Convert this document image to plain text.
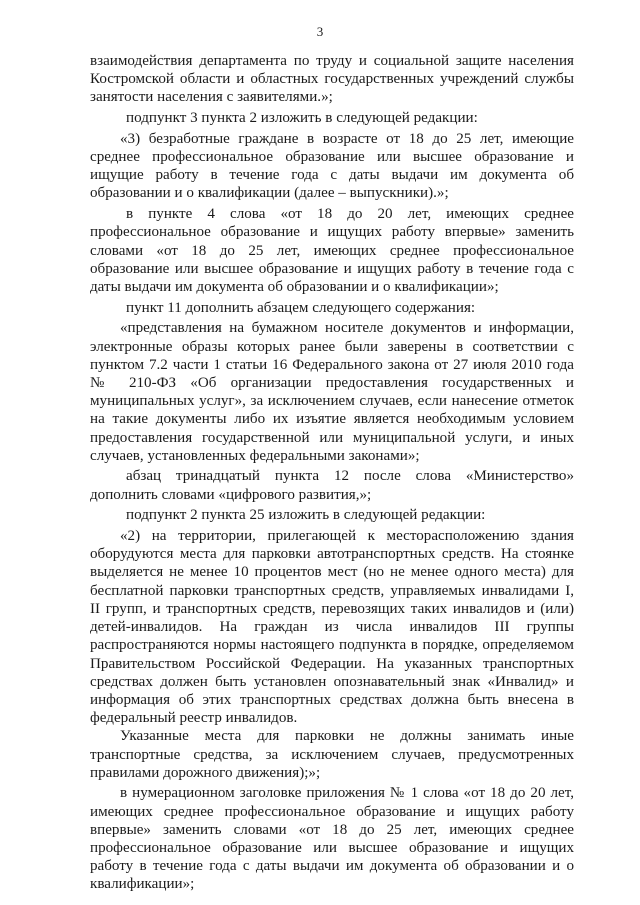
3

взаимодействия департамента по труду и социальной защите населения Костромской области и областных государственных учреждений службы занятости населения с заявителями.»;

подпункт 3 пункта 2 изложить в следующей редакции:

«3) безработные граждане в возрасте от 18 до 25 лет, имеющие среднее профессиональное образование или высшее образование и ищущие работу в течение года с даты выдачи им документа об образовании и о квалификации (далее – выпускники).»;

в пункте 4 слова «от 18 до 20 лет, имеющих среднее профессиональное образование и ищущих работу впервые» заменить словами «от 18 до 25 лет, имеющих среднее профессиональное образование или высшее образование и ищущих работу в течение года с даты выдачи им документа об образовании и о квалификации»;

пункт 11 дополнить абзацем следующего содержания:

«представления на бумажном носителе документов и информации, электронные образы которых ранее были заверены в соответствии с пунктом 7.2 части 1 статьи 16 Федерального закона от 27 июля 2010 года № 210-ФЗ «Об организации предоставления государственных и муниципальных услуг», за исключением случаев, если нанесение отметок на такие документы либо их изъятие является необходимым условием предоставления государственной или муниципальной услуги, и иных случаев, установленных федеральными законами»;

абзац тринадцатый пункта 12 после слова «Министерство» дополнить словами «цифрового развития,»;

подпункт 2 пункта 25 изложить в следующей редакции:

«2) на территории, прилегающей к месторасположению здания оборудуются места для парковки автотранспортных средств. На стоянке выделяется не менее 10 процентов мест (но не менее одного места) для бесплатной парковки транспортных средств, управляемых инвалидами I, II групп, и транспортных средств, перевозящих таких инвалидов и (или) детей-инвалидов. На граждан из числа инвалидов III группы распространяются нормы настоящего подпункта в порядке, определяемом Правительством Российской Федерации. На указанных транспортных средствах должен быть установлен опознавательный знак «Инвалид» и информация об этих транспортных средствах должна быть внесена в федеральный реестр инвалидов.

Указанные места для парковки не должны занимать иные транспортные средства, за исключением случаев, предусмотренных правилами дорожного движения);»;

в нумерационном заголовке приложения № 1 слова «от 18 до 20 лет, имеющих среднее профессиональное образование и ищущих работу впервые» заменить словами «от 18 до 25 лет, имеющих среднее профессиональное образование или высшее образование и ищущих работу в течение года с даты выдачи им документа об образовании и о квалификации»;
